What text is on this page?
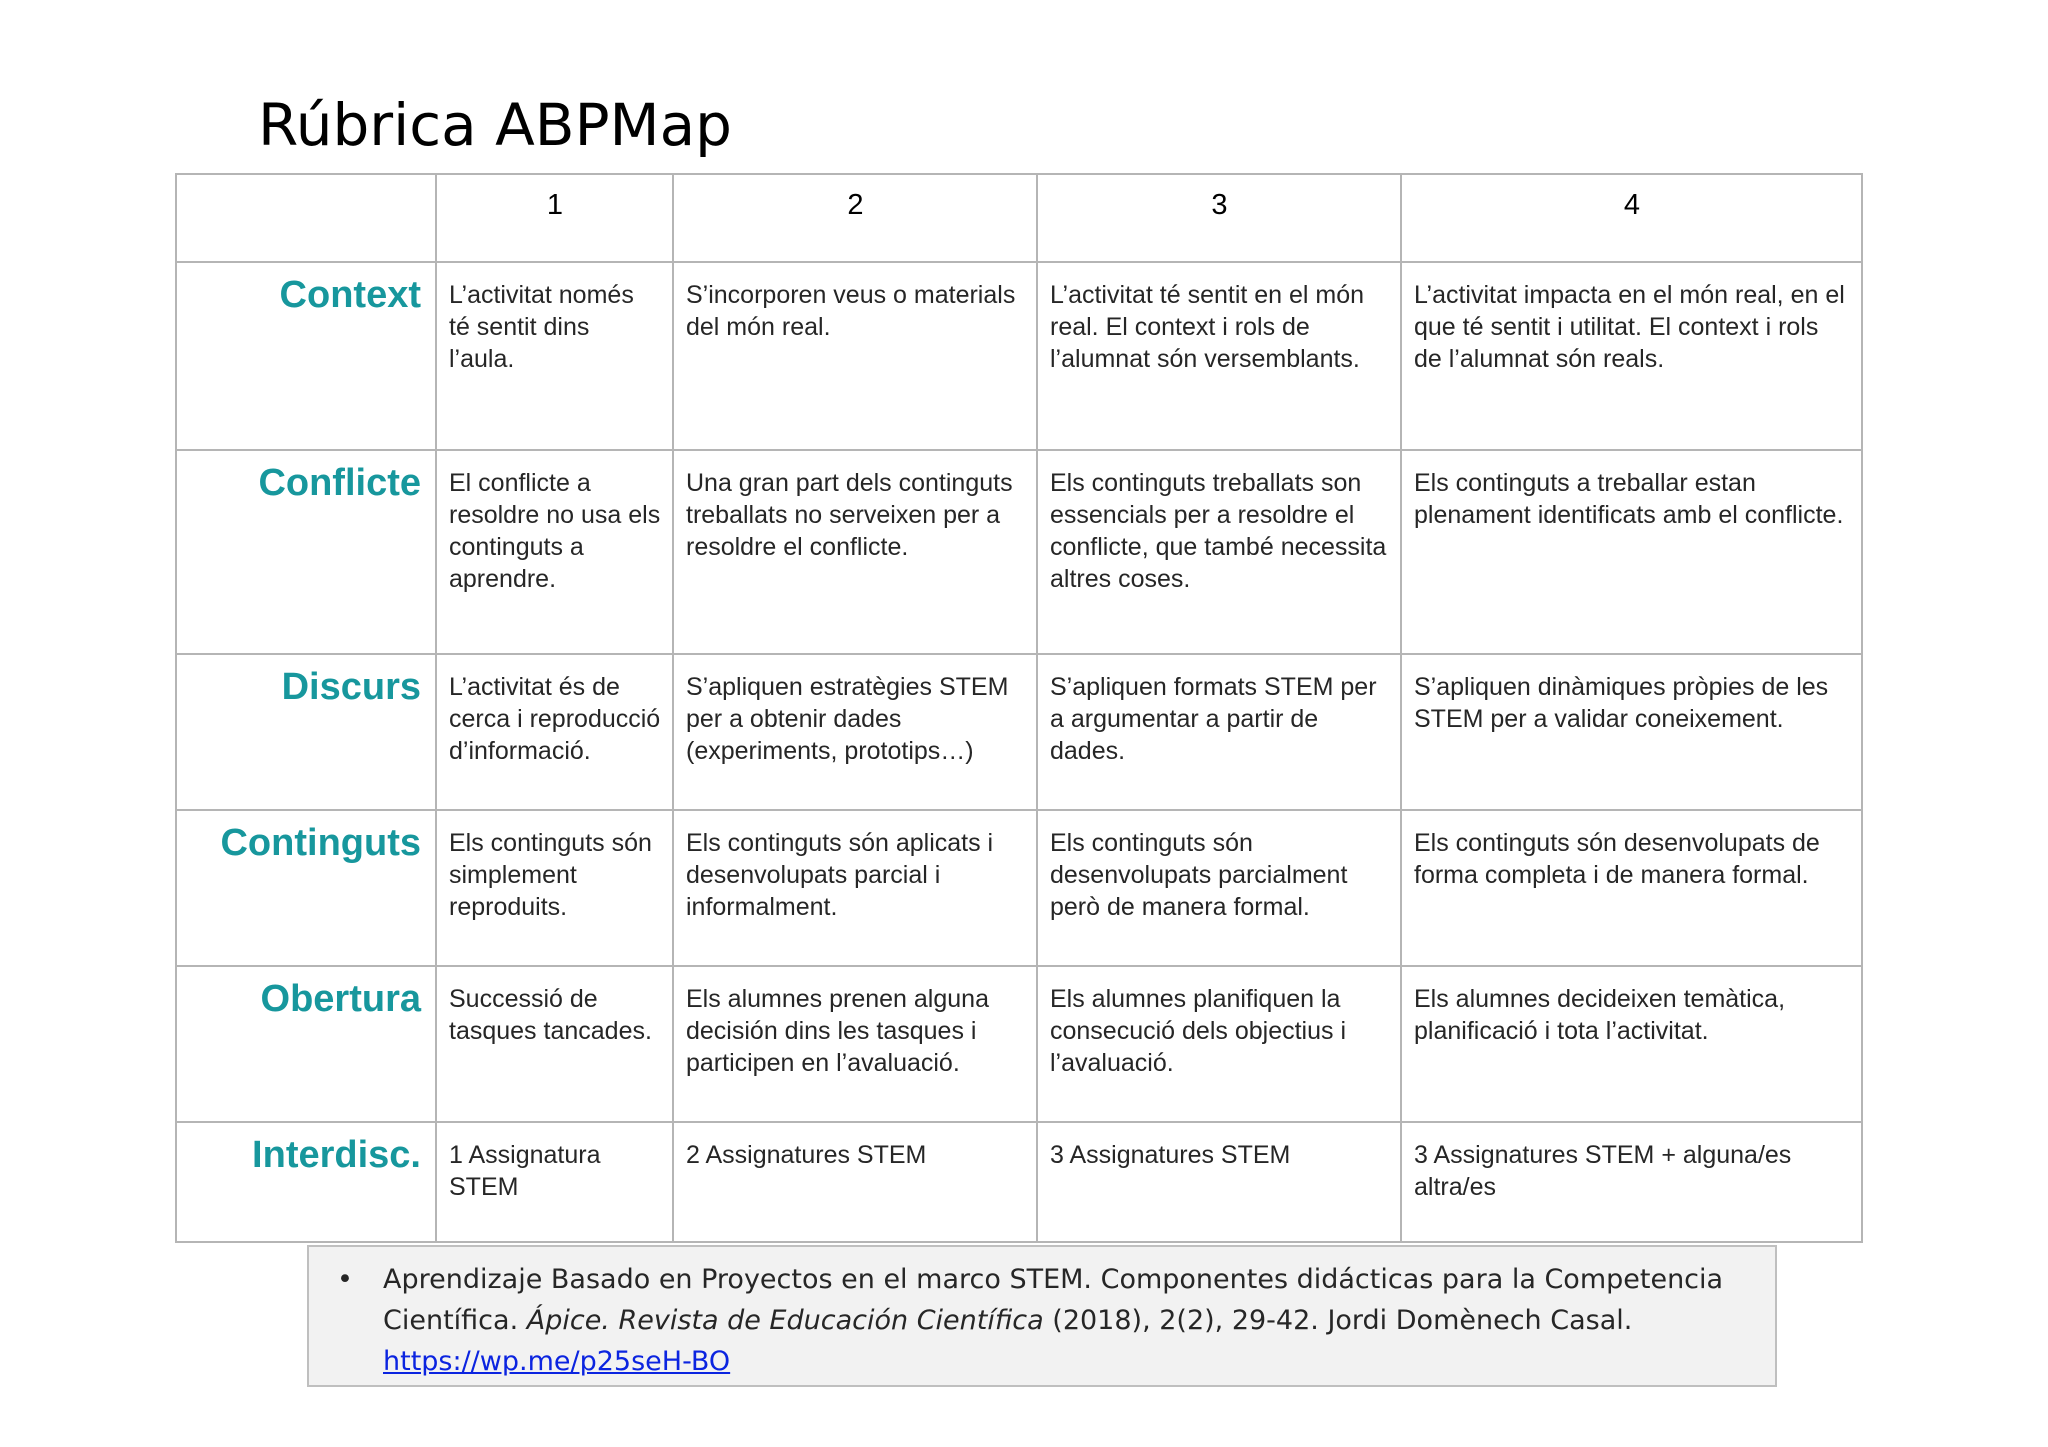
Rúbrica ABPMap
	1	2	3	4
Context	L’activitat només té sentit dins l’aula.	S’incorporen veus o materials del món real.	L’activitat té sentit en el món real. El context i rols de l’alumnat són versemblants.	L’activitat impacta en el món real, en el que té sentit i utilitat. El context i rols de l’alumnat són reals.
Conflicte	El conflicte a resoldre no usa els continguts a aprendre.	Una gran part dels continguts treballats no serveixen per a resoldre el conflicte.	Els continguts treballats son essencials per a resoldre el conflicte, que també necessita altres coses.	Els continguts a treballar estan plenament identificats amb el conflicte.
Discurs	L’activitat és de cerca i reproducció d’informació.	S’apliquen estratègies STEM per a obtenir dades (experiments, prototips…)	S’apliquen formats STEM per a argumentar a partir de dades.	S’apliquen dinàmiques pròpies de les STEM per a validar coneixement.
Continguts	Els continguts són simplement reproduits.	Els continguts són aplicats i desenvolupats parcial i informalment.	Els continguts són desenvolupats parcialment però de manera formal.	Els continguts són desenvolupats de forma completa i de manera formal.
Obertura	Successió de tasques tancades.	Els alumnes prenen alguna decisión dins les tasques i participen en l’avaluació.	Els alumnes planifiquen la consecució dels objectius i l’avaluació.	Els alumnes decideixen temàtica, planificació i tota l’activitat.
Interdisc.	1 Assignatura STEM	2 Assignatures STEM	3 Assignatures STEM	3 Assignatures STEM + alguna/es altra/es
•	Aprendizaje Basado en Proyectos en el marco STEM. Componentes didácticas para la Competencia Científica. Ápice. Revista de Educación Científica (2018), 2(2), 29-42. Jordi Domènech Casal.
https://wp.me/p25seH-BO
